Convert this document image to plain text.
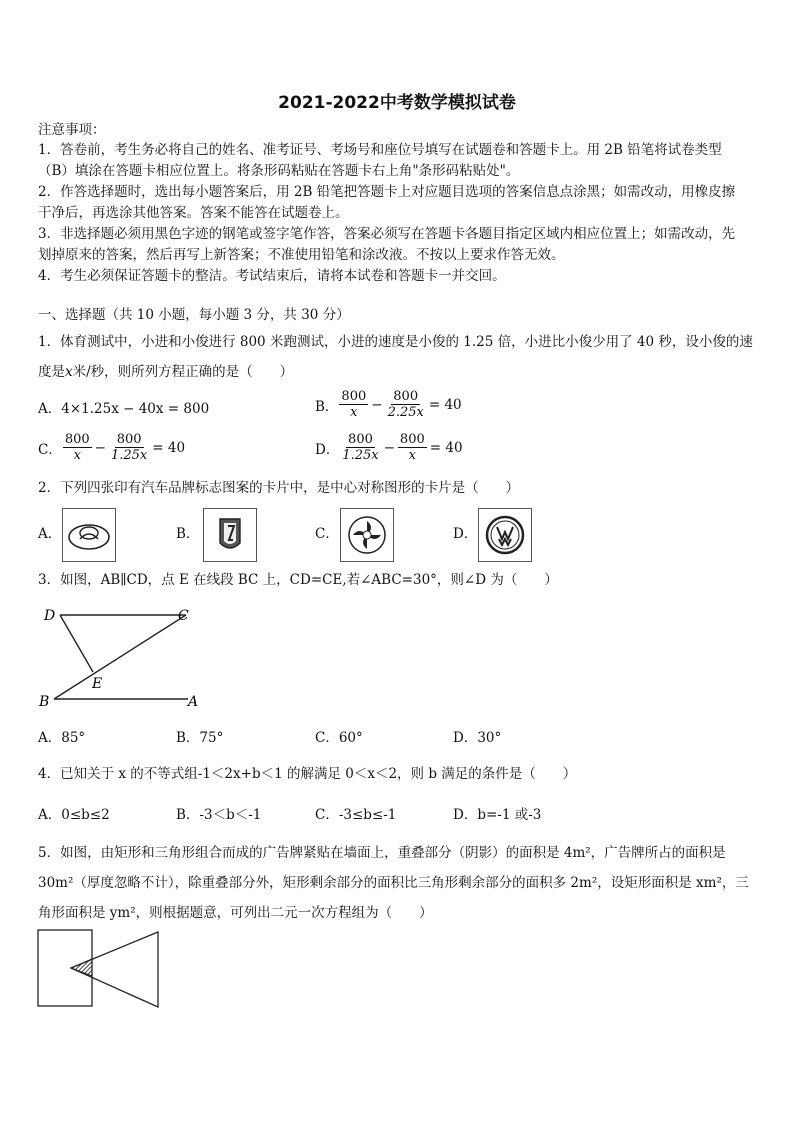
2021-2022中考数学模拟试卷
注意事项：
1．答卷前，考生务必将自己的姓名、准考证号、考场号和座位号填写在试题卷和答题卡上。用 2B 铅笔将试卷类型
（B）填涂在答题卡相应位置上。将条形码粘贴在答题卡右上角"条形码粘贴处"。
2．作答选择题时，选出每小题答案后，用 2B 铅笔把答题卡上对应题目选项的答案信息点涂黑；如需改动，用橡皮擦
干净后，再选涂其他答案。答案不能答在试题卷上。
3．非选择题必须用黑色字迹的钢笔或签字笔作答，答案必须写在答题卡各题目指定区域内相应位置上；如需改动，先
划掉原来的答案，然后再写上新答案；不准使用铅笔和涂改液。不按以上要求作答无效。
4．考生必须保证答题卡的整洁。考试结束后，请将本试卷和答题卡一并交回。
一、选择题（共 10 小题，每小题 3 分，共 30 分）
1．体育测试中，小进和小俊进行 800 米跑测试，小进的速度是小俊的 1.25 倍，小进比小俊少用了 40 秒，设小俊的速
度是x米/秒，则所列方程正确的是（　　）
A．4×1.25x − 40x = 800	B． $\frac{800}{x} - \frac{800}{2.25x} = 40$
C． $\frac{800}{x} - \frac{800}{1.25x} = 40$	D． $\frac{800}{1.25x} - \frac{800}{x} = 40$
2．下列四张印有汽车品牌标志图案的卡片中，是中心对称图形的卡片是（　　）
A．	B．	C．	D．
3．如图，AB∥CD，点 E 在线段 BC 上，CD=CE,若∠ABC=30°，则∠D 为（　　）
D	C
E
B	A
A．85°	B．75°	C．60°	D．30°
4．已知关于 x 的不等式组-1＜2x+b＜1 的解满足 0＜x＜2，则 b 满足的条件是（　　）
A．0≤b≤2	B．-3＜b＜-1	C．-3≤b≤-1	D．b=-1 或-3
5．如图，由矩形和三角形组合而成的广告牌紧贴在墙面上，重叠部分（阴影）的面积是 4m²，广告牌所占的面积是
30m²（厚度忽略不计），除重叠部分外，矩形剩余部分的面积比三角形剩余部分的面积多 2m²，设矩形面积是 xm²，三
角形面积是 ym²，则根据题意，可列出二元一次方程组为（　　）
